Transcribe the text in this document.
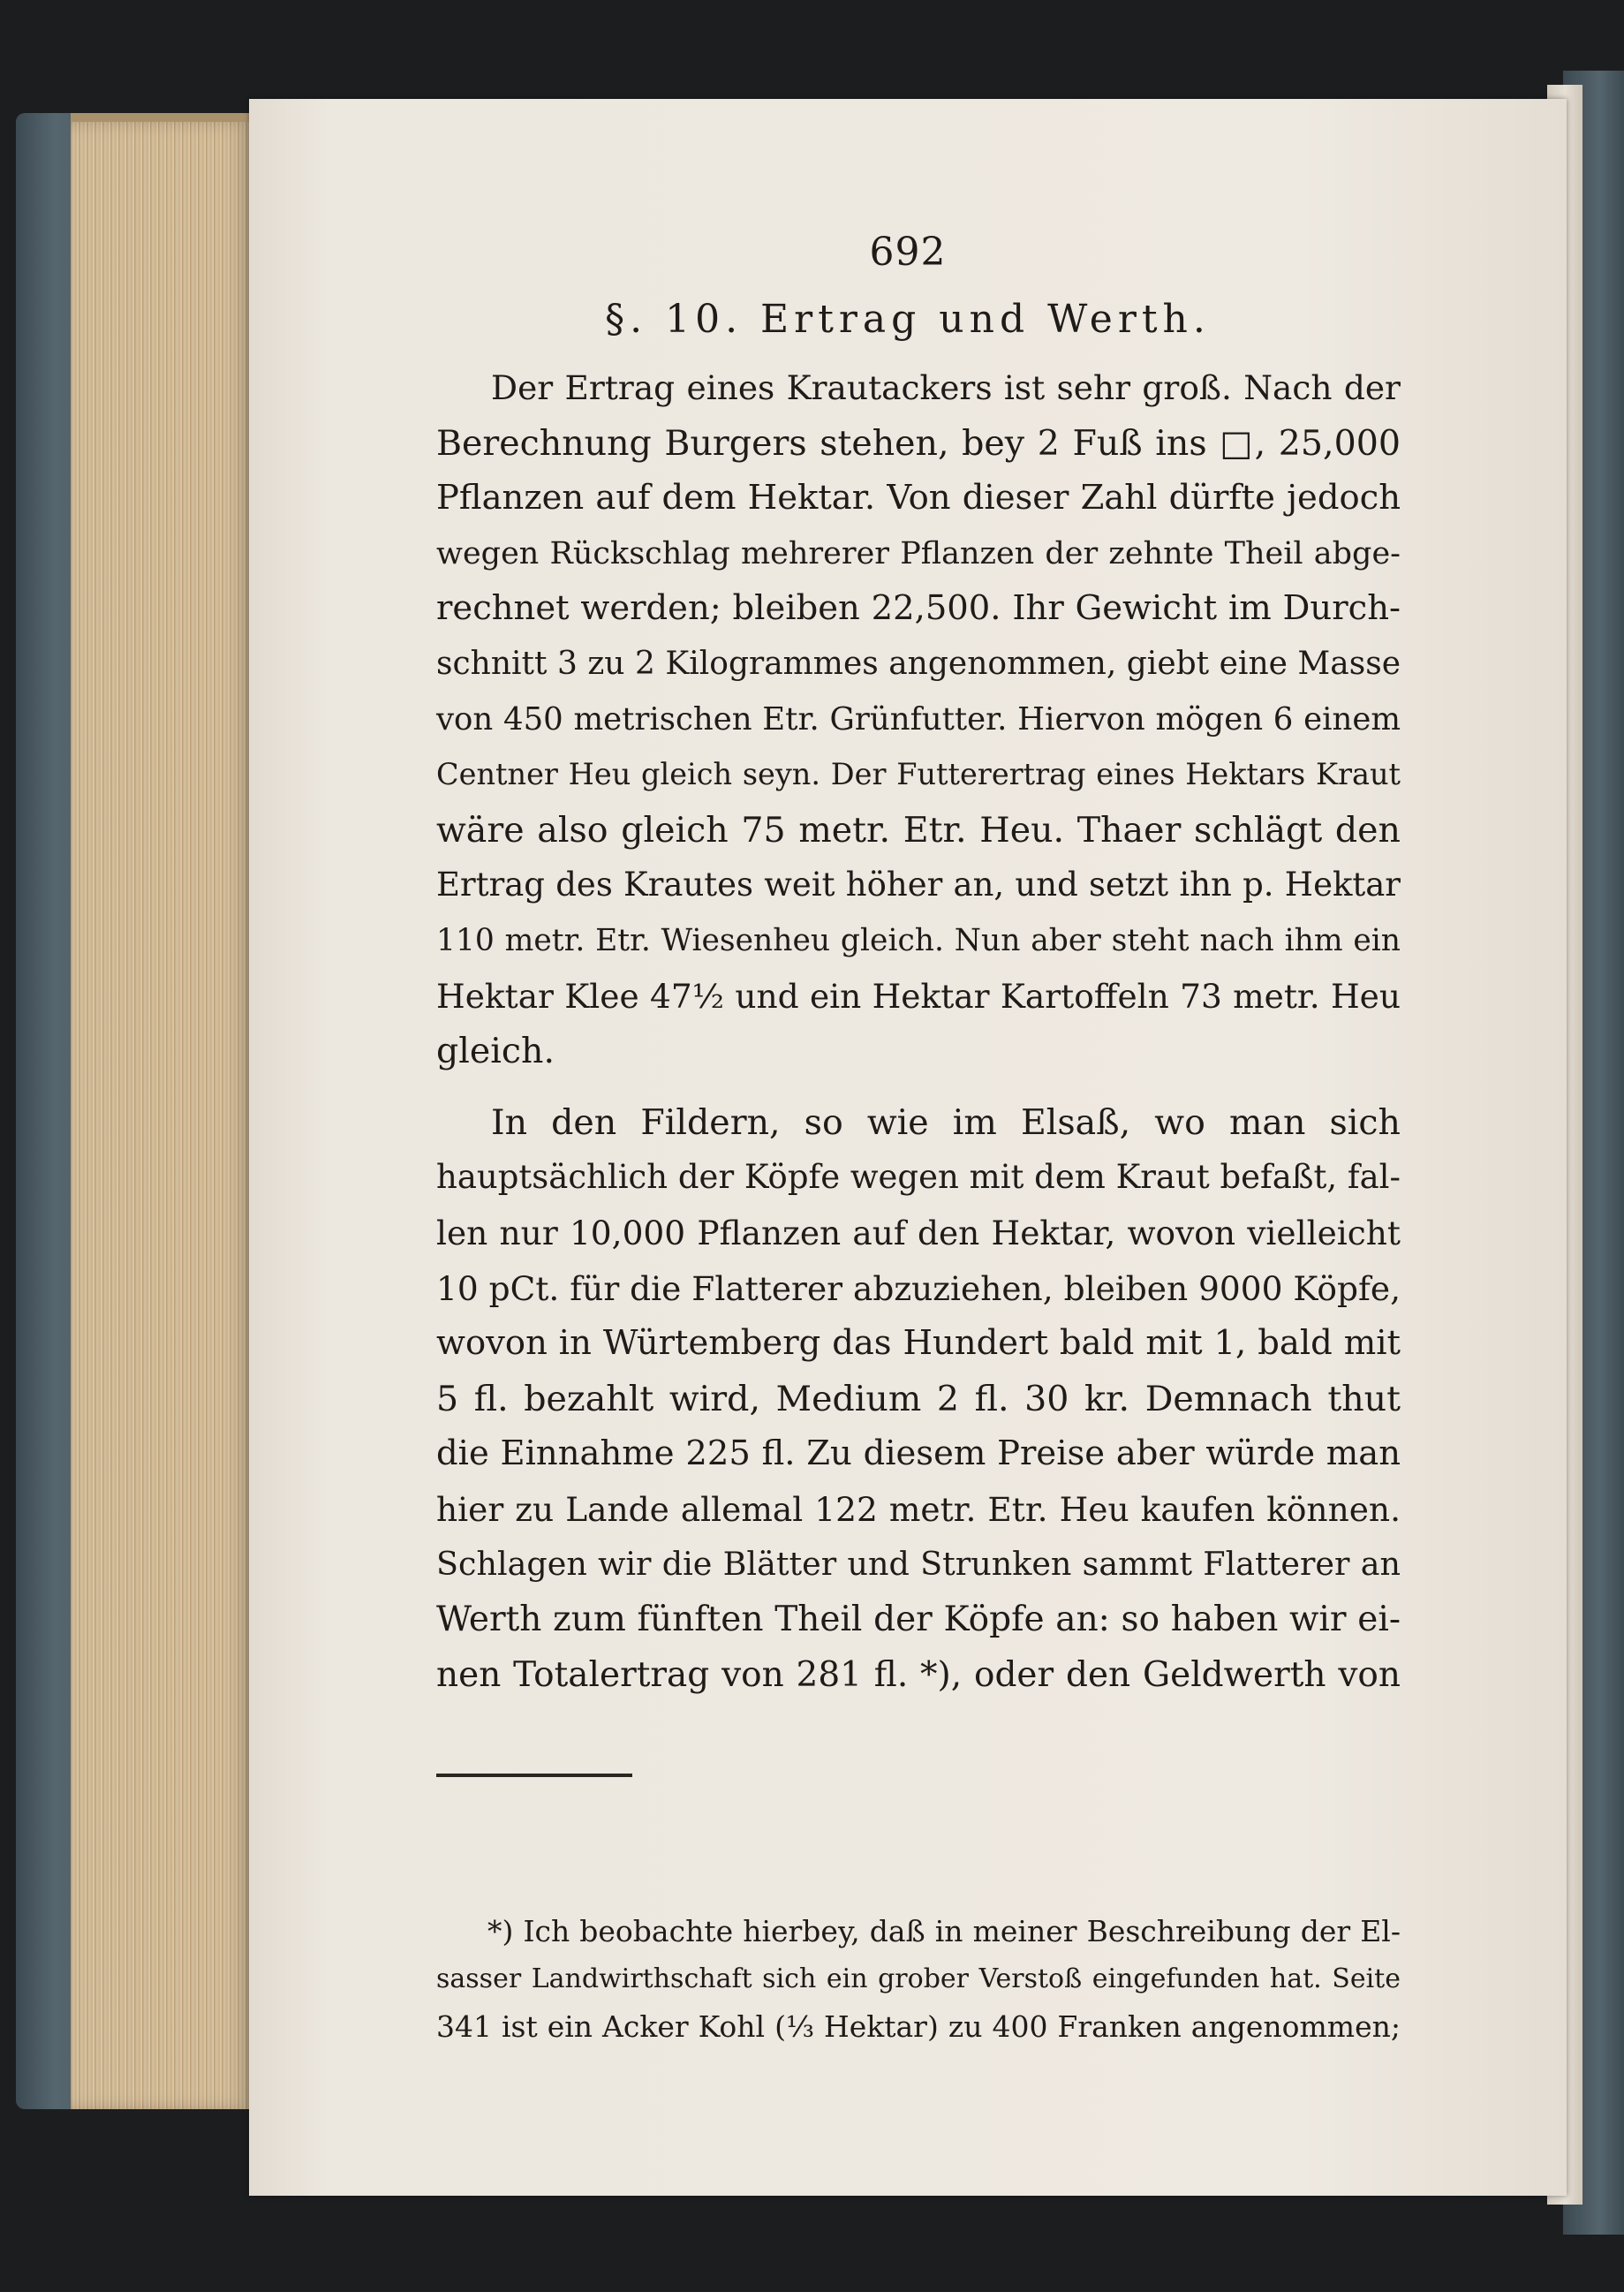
692
§. 10. Ertrag und Werth.
Der Ertrag eines Krautackers ist sehr groß. Nach der
Berechnung Burgers stehen, bey 2 Fuß ins □, 25,000
Pflanzen auf dem Hektar. Von dieser Zahl dürfte jedoch
wegen Rückschlag mehrerer Pflanzen der zehnte Theil abge-
rechnet werden; bleiben 22,500. Ihr Gewicht im Durch-
schnitt 3 zu 2 Kilogrammes angenommen, giebt eine Masse
von 450 metrischen Etr. Grünfutter. Hiervon mögen 6 einem
Centner Heu gleich seyn. Der Futterertrag eines Hektars Kraut
wäre also gleich 75 metr. Etr. Heu. Thaer schlägt den
Ertrag des Krautes weit höher an, und setzt ihn p. Hektar
110 metr. Etr. Wiesenheu gleich. Nun aber steht nach ihm ein
Hektar Klee 47½ und ein Hektar Kartoffeln 73 metr. Heu
gleich.
In den Fildern, so wie im Elsaß, wo man sich
hauptsächlich der Köpfe wegen mit dem Kraut befaßt, fal-
len nur 10,000 Pflanzen auf den Hektar, wovon vielleicht
10 pCt. für die Flatterer abzuziehen, bleiben 9000 Köpfe,
wovon in Würtemberg das Hundert bald mit 1, bald mit
5 fl. bezahlt wird, Medium 2 fl. 30 kr. Demnach thut
die Einnahme 225 fl. Zu diesem Preise aber würde man
hier zu Lande allemal 122 metr. Etr. Heu kaufen können.
Schlagen wir die Blätter und Strunken sammt Flatterer an
Werth zum fünften Theil der Köpfe an: so haben wir ei-
nen Totalertrag von 281 fl. *), oder den Geldwerth von
*) Ich beobachte hierbey, daß in meiner Beschreibung der El-
sasser Landwirthschaft sich ein grober Verstoß eingefunden hat. Seite
341 ist ein Acker Kohl (⅓ Hektar) zu 400 Franken angenommen;
